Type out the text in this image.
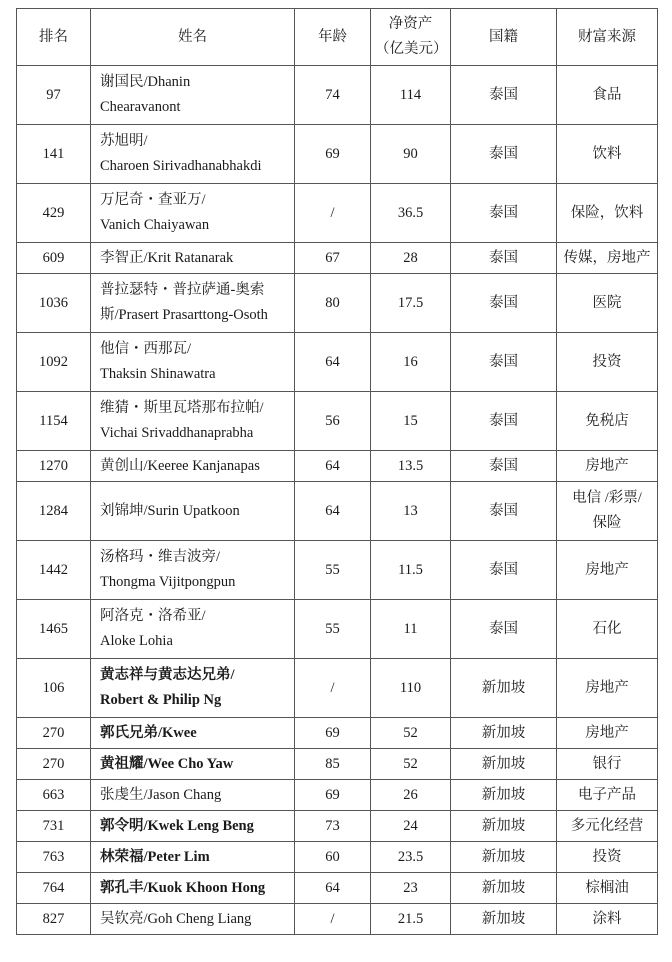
排名	姓名	年龄	净资产
（亿美元）	国籍	财富来源
97	谢国民/Dhanin
Chearavanont	74	114	泰国	食品

141	苏旭明/
Charoen Sirivadhanabhakdi	69	90	泰国	饮料

429	万尼奇・查亚万/
Vanich Chaiyawan	/	36.5	泰国	保险，饮料

609	李智正/Krit Ratanarak	67	28	泰国	传媒，房地产

1036	普拉瑟特・普拉萨通-奥索
斯/Prasert Prasarttong-Osoth	80	17.5	泰国	医院

1092	他信・西那瓦/
Thaksin Shinawatra	64	16	泰国	投资

1154	维猜・斯里瓦塔那布拉帕/
Vichai Srivaddhanaprabha	56	15	泰国	免税店

1270	黄创山/Keeree Kanjanapas	64	13.5	泰国	房地产

1284	刘锦坤/Surin Upatkoon	64	13	泰国	电信 /彩票/
保险

1442	汤格玛・维吉波旁/
Thongma Vijitpongpun	55	11.5	泰国	房地产

1465	阿洛克・洛希亚/
Aloke Lohia	55	11	泰国	石化

106	黄志祥与黄志达兄弟/
Robert & Philip Ng	/	110	新加坡	房地产

270	郭氏兄弟/Kwee	69	52	新加坡	房地产

270	黄祖耀/Wee Cho Yaw	85	52	新加坡	银行

663	张虔生/Jason Chang	69	26	新加坡	电子产品

731	郭令明/Kwek Leng Beng	73	24	新加坡	多元化经营

763	林荣福/Peter Lim	60	23.5	新加坡	投资

764	郭孔丰/Kuok Khoon Hong	64	23	新加坡	棕榈油

827	吴钦亮/Goh Cheng Liang	/	21.5	新加坡	涂料
